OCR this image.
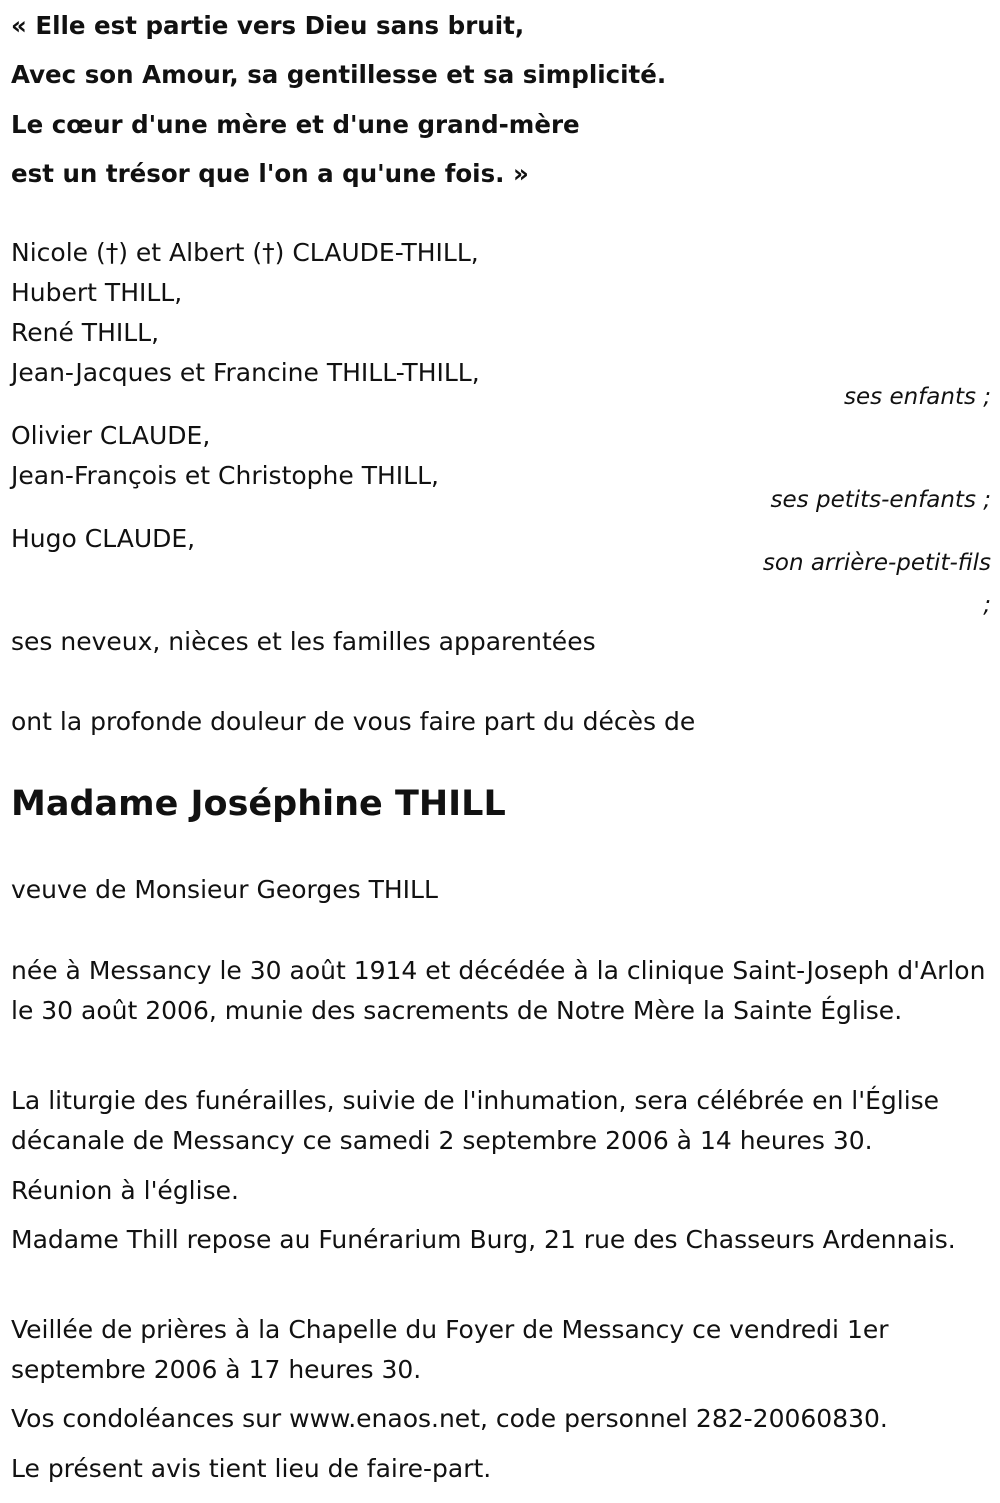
« Elle est partie vers Dieu sans bruit,
Avec son Amour, sa gentillesse et sa simplicité.
Le cœur d'une mère et d'une grand-mère
est un trésor que l'on a qu'une fois. »
Nicole (†) et Albert (†) CLAUDE-THILL,
Hubert THILL,
René THILL,
Jean-Jacques et Francine THILL-THILL,
ses enfants ;
Olivier CLAUDE,
Jean-François et Christophe THILL,
ses petits-enfants ;
Hugo CLAUDE,
son arrière-petit-fils
;
ses neveux, nièces et les familles apparentées
ont la profonde douleur de vous faire part du décès de
Madame Joséphine THILL
veuve de Monsieur Georges THILL
née à Messancy le 30 août 1914 et décédée à la clinique Saint-Joseph d'Arlon le 30 août 2006, munie des sacrements de Notre Mère la Sainte Église.
La liturgie des funérailles, suivie de l'inhumation, sera célébrée en l'Église décanale de Messancy ce samedi 2 septembre 2006 à 14 heures 30.
Réunion à l'église.
Madame Thill repose au Funérarium Burg, 21 rue des Chasseurs Ardennais.
Veillée de prières à la Chapelle du Foyer de Messancy ce vendredi 1er septembre 2006 à 17 heures 30.
Vos condoléances sur www.enaos.net, code personnel 282-20060830.
Le présent avis tient lieu de faire-part.
